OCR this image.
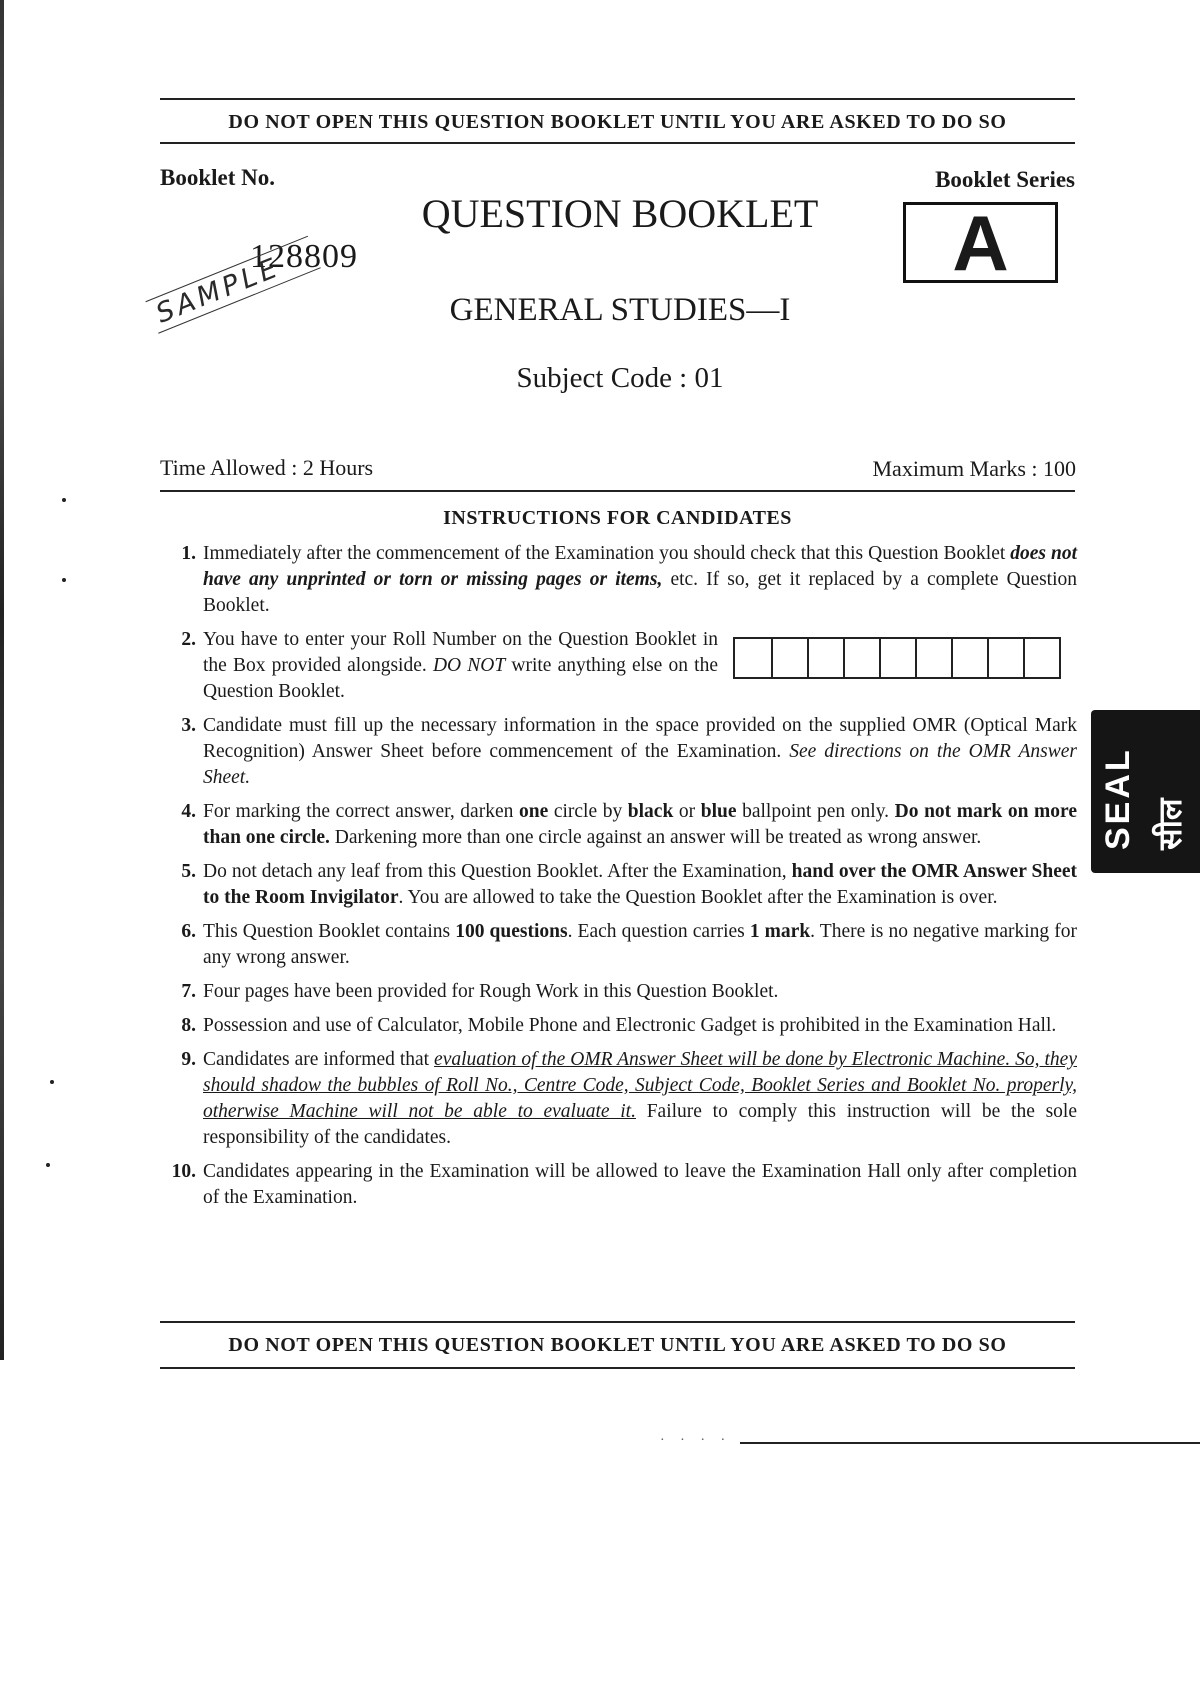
DO NOT OPEN THIS QUESTION BOOKLET UNTIL YOU ARE ASKED TO DO SO
Booklet No.
128809
SAMPLE
QUESTION BOOKLET
GENERAL STUDIES—I
Subject Code : 01
Booklet Series
A
Time Allowed : 2 Hours	Maximum Marks : 100
INSTRUCTIONS FOR CANDIDATES
1. Immediately after the commencement of the Examination you should check that this Question Booklet does not have any unprinted or torn or missing pages or items, etc. If so, get it replaced by a complete Question Booklet.
2. You have to enter your Roll Number on the Question Booklet in the Box provided alongside. DO NOT write anything else on the Question Booklet.
3. Candidate must fill up the necessary information in the space provided on the supplied OMR (Optical Mark Recognition) Answer Sheet before commencement of the Examination. See directions on the OMR Answer Sheet.
4. For marking the correct answer, darken one circle by black or blue ballpoint pen only. Do not mark on more than one circle. Darkening more than one circle against an answer will be treated as wrong answer.
5. Do not detach any leaf from this Question Booklet. After the Examination, hand over the OMR Answer Sheet to the Room Invigilator. You are allowed to take the Question Booklet after the Examination is over.
6. This Question Booklet contains 100 questions. Each question carries 1 mark. There is no negative marking for any wrong answer.
7. Four pages have been provided for Rough Work in this Question Booklet.
8. Possession and use of Calculator, Mobile Phone and Electronic Gadget is prohibited in the Examination Hall.
9. Candidates are informed that evaluation of the OMR Answer Sheet will be done by Electronic Machine. So, they should shadow the bubbles of Roll No., Centre Code, Subject Code, Booklet Series and Booklet No. properly, otherwise Machine will not be able to evaluate it. Failure to comply this instruction will be the sole responsibility of the candidates.
10. Candidates appearing in the Examination will be allowed to leave the Examination Hall only after completion of the Examination.
DO NOT OPEN THIS QUESTION BOOKLET UNTIL YOU ARE ASKED TO DO SO
· · · ·
SEAL सील
